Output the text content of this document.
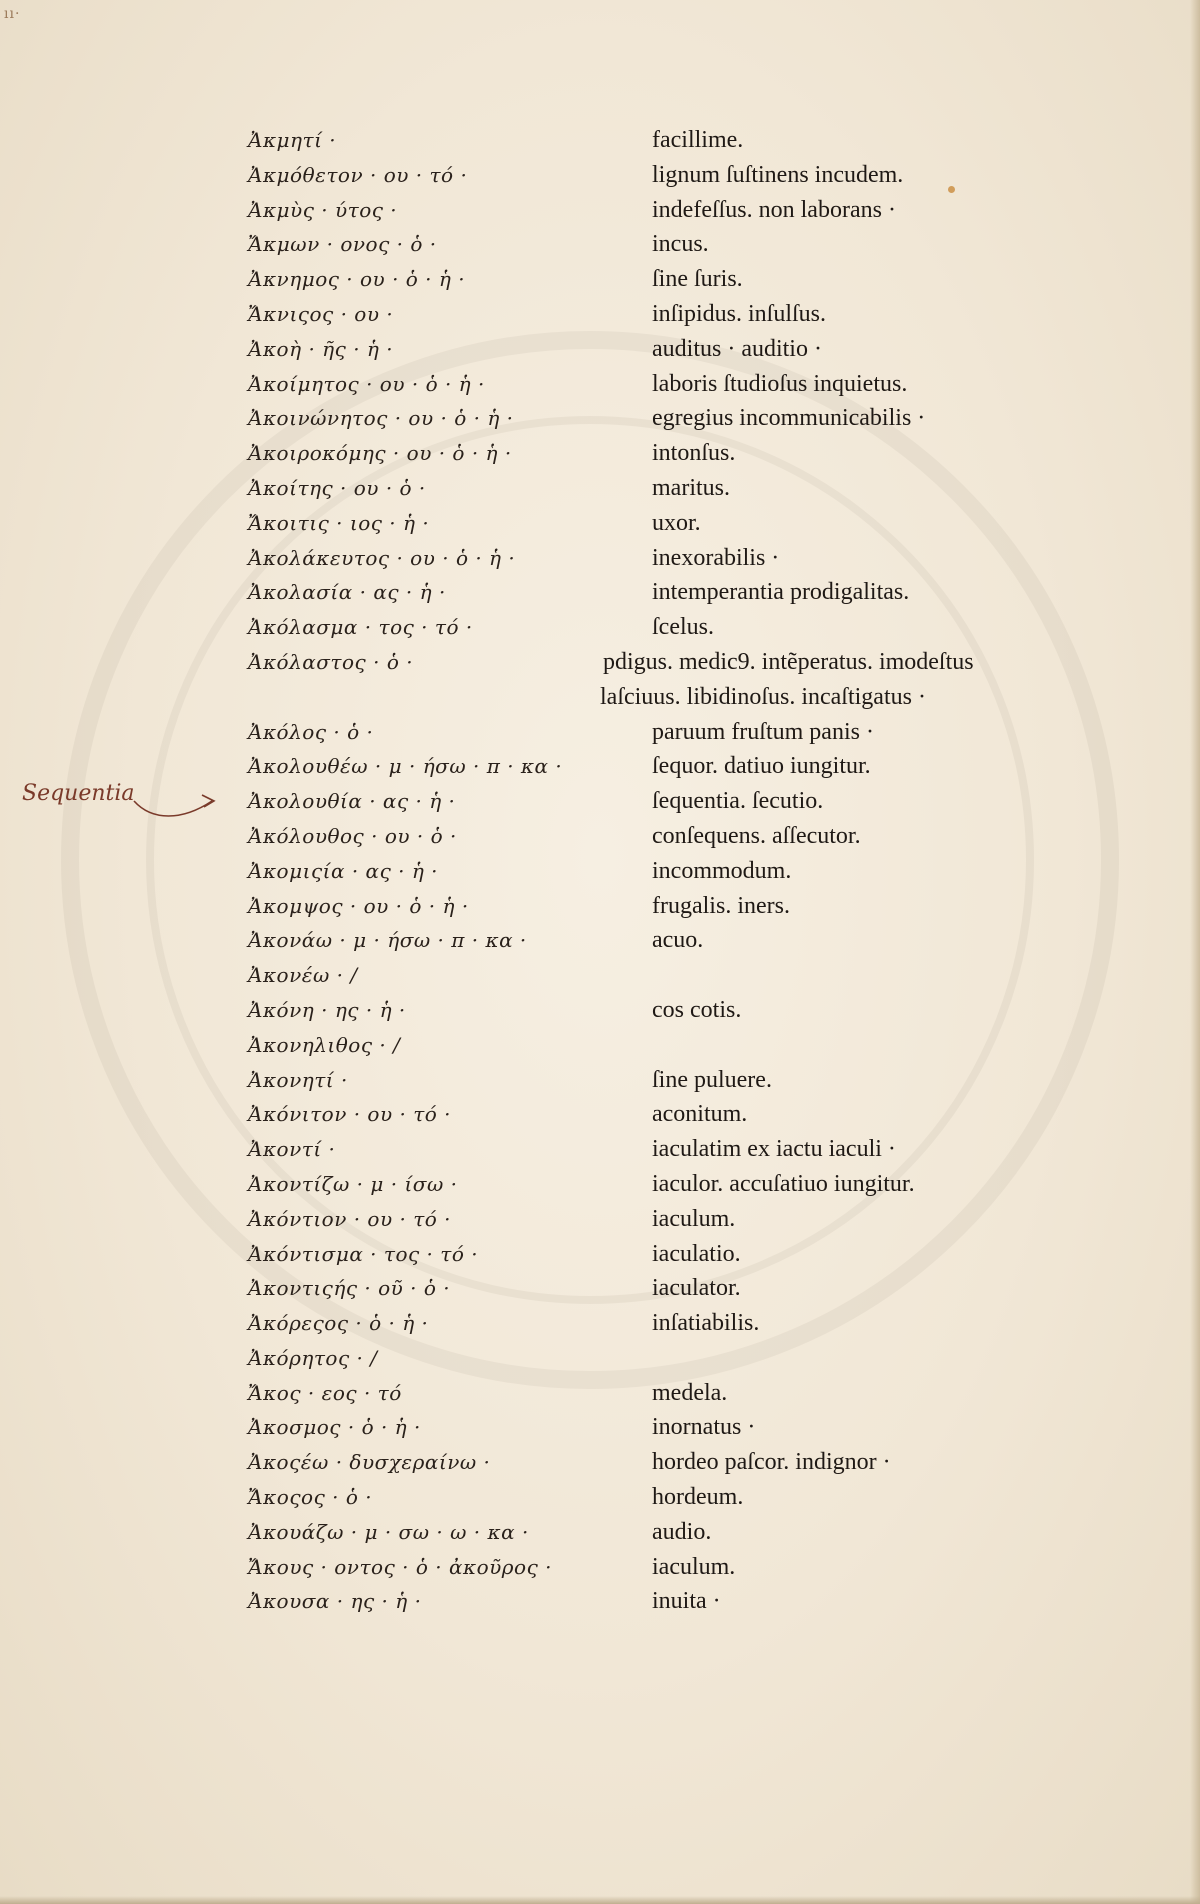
ıı·
Sequentia
Ἀκμητί ·	facillime.
Ἀκμόθετον · ου · τό ·	lignum ſuſtinens incudem.
Ἀκμὺς · ύτος ·	indefeſſus. non laborans ·
Ἄκμων · ονος · ὁ ·	incus.
Ἀκνημος · ου · ὁ · ἡ ·	ſine ſuris.
Ἄκνιςος · ου ·	inſipidus. inſulſus.
Ἀκοὴ · ῆς · ἡ ·	auditus · auditio ·
Ἀκοίμητος · ου · ὁ · ἡ ·	laboris ſtudioſus inquietus.
Ἀκοινώνητος · ου · ὁ · ἡ ·	egregius incommunicabilis ·
Ἀκοιροκόμης · ου · ὁ · ἡ ·	intonſus.
Ἀκοίτης · ου · ὁ ·	maritus.
Ἄκοιτις · ιος · ἡ ·	uxor.
Ἀκολάκευτος · ου · ὁ · ἡ ·	inexorabilis ·
Ἀκολασία · ας · ἡ ·	intemperantia prodigalitas.
Ἀκόλασμα · τος · τό ·	ſcelus.
Ἀκόλαστος · ὁ ·	pdigus. medic9. intẽperatus. imodeſtus
laſciuus. libidinoſus. incaſtigatus ·
Ἀκόλος · ὁ ·	paruum fruſtum panis ·
Ἀκολουθέω · μ · ήσω · π · κα ·	ſequor. datiuo iungitur.
Ἀκολουθία · ας · ἡ ·	ſequentia. ſecutio.
Ἀκόλουθος · ου · ὁ ·	conſequens. aſſecutor.
Ἀκομιςία · ας · ἡ ·	incommodum.
Ἀκομψος · ου · ὁ · ἡ ·	frugalis. iners.
Ἀκονάω · μ · ήσω · π · κα ·	acuo.
Ἀκονέω · /
Ἀκόνη · ης · ἡ ·	cos cotis.
Ἀκονηλιθος · /
Ἀκονητί ·	ſine puluere.
Ἀκόνιτον · ου · τό ·	aconitum.
Ἀκοντί ·	iaculatim ex iactu iaculi ·
Ἀκοντίζω · μ · ίσω ·	iaculor. accuſatiuo iungitur.
Ἀκόντιον · ου · τό ·	iaculum.
Ἀκόντισμα · τος · τό ·	iaculatio.
Ἀκοντιςής · οῦ · ὁ ·	iaculator.
Ἀκόρεςος · ὁ · ἡ ·	inſatiabilis.
Ἀκόρητος · /
Ἄκος · εος · τό	medela.
Ἀκοσμος · ὁ · ἡ ·	inornatus ·
Ἀκοςέω · δυσχεραίνω ·	hordeo paſcor. indignor ·
Ἄκοςος · ὁ ·	hordeum.
Ἀκουάζω · μ · σω · ω · κα ·	audio.
Ἄκους · οντος · ὁ · ἀκοῦρος ·	iaculum.
Ἀκουσα · ης · ἡ ·	inuita ·
